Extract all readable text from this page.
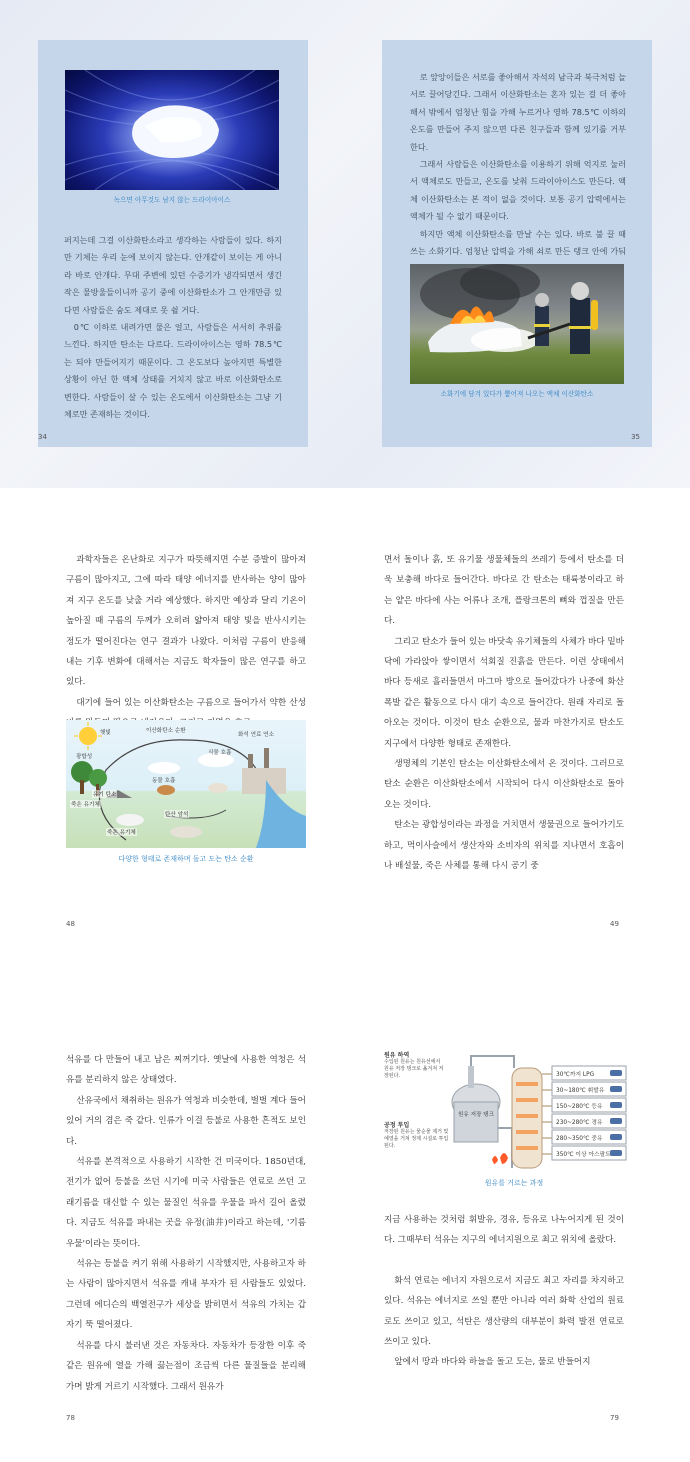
녹으면 아무것도 남지 않는 드라이아이스

퍼지는데 그걸 이산화탄소라고 생각하는 사람들이 있다. 하지만 기체는 우리 눈에 보이지 않는다. 안개같이 보이는 게 아니라 바로 안개다. 무대 주변에 있던 수증기가 냉각되면서 생긴 작은 물방울들이니까 공기 중에 이산화탄소가 그 안개만큼 있다면 사람들은 숨도 제대로 못 쉴 거다.

0℃ 이하로 내려가면 물은 얼고, 사람들은 서서히 추위를 느낀다. 하지만 탄소는 다르다. 드라이아이스는 영하 78.5℃는 되야 만들어지기 때문이다. 그 온도보다 높아지면 특별한 상황이 아닌 한 액체 상태를 거치지 않고 바로 이산화탄소로 변한다. 사람들이 살 수 있는 온도에서 이산화탄소는 그냥 기체로만 존재하는 것이다.

34

로 앞앙이들은 서로를 좋아해서 자석의 남극과 북극처럼 늘 서로 끌어당긴다. 그래서 이산화탄소는 혼자 있는 걸 더 좋아해서 밖에서 엄청난 힘을 가해 누르거나 영하 78.5℃ 이하의 온도를 만들어 주지 않으면 다른 친구들과 함께 있기를 거부한다.

그래서 사람들은 이산화탄소를 이용하기 위해 억지로 눌러서 액체로도 만들고, 온도를 낮춰 드라이아이스도 만든다. 액체 이산화탄소는 본 적이 없을 것이다. 보통 공기 압력에서는 액체가 될 수 없기 때문이다.

하지만 액체 이산화탄소를 만날 수는 있다. 바로 불 끌 때 쓰는 소화기다. 엄청난 압력을 가해 쇠로 만든 탱크 안에 가둬

소화기에 담겨 있다가 뿜어져 나오는 액체 이산화탄소
35

과학자들은 온난화로 지구가 따뜻해지면 수분 증발이 많아져 구름이 많아지고, 그에 따라 태양 에너지를 반사하는 양이 많아져 지구 온도를 낮출 거라 예상했다. 하지만 예상과 달리 기온이 높아질 때 구름의 두께가 오히려 얇아져 태양 빛을 반사시키는 정도가 떨어진다는 연구 결과가 나왔다. 이처럼 구름이 반응해 내는 기후 변화에 대해서는 지금도 학자들이 많은 연구를 하고 있다.

대기에 들어 있는 이산화탄소는 구름으로 들어가서 약한 산성

햇빛	이산화탄소 순환
화석 연료 연소
광합성
식물 호흡
동물 호흡
유기 탄소
죽은 유기체
탄산 암석
죽은 유기체
다양한 형태로 존재하며 돌고 도는 탄소 순환
48

면서 돌이나 흙, 또 유기물 생물체들의 쓰레기 등에서 탄소를 더욱 보충해 바다로 들어간다. 바다로 간 탄소는 태륙붕이라고 하는 얕은 바다에 사는 어류나 조개, 플랑크톤의 뼈와 껍질을 만든다.

그리고 탄소가 들어 있는 바닷속 유기체들의 사체가 바다 밑바닥에 가라앉아 쌓이면서 석회질 진흙을 만든다. 이런 상태에서 바다 등새로 흘러들면서 마그마 방으로 들어갔다가 나중에 화산 폭발 같은 활동으로 다시 대기 속으로 들어간다. 원래 자리로 돌아오는 것이다. 이것이 탄소 순환으로, 물과 마찬가지로 탄소도 지구에서 다양한 형태로 존재한다.

생명체의 기본인 탄소는 이산화탄소에서 온 것이다. 그러므로 탄소 순환은 이산화탄소에서 시작되어 다시 이산화탄소로 돌아오는 것이다.

탄소는 광합성이라는 과정을 거치면서 생물권으로 들어가기도 하고, 먹이사슬에서 생산자와 소비자의 위치를 지나면서 호흡이나 배설물, 죽은 사체를 통해 다시 공기 중

49

석유를 다 만들어 내고 남은 찌꺼기다. 옛날에 사용한 역청은 석유를 분리하지 않은 상태였다.

산유국에서 채취하는 원유가 역청과 비슷한데, 벌벌 계다 들어 있어 거의 겸은 죽 같다. 인류가 이걸 등불로 사용한 흔적도 보인다.

석유를 본격적으로 사용하기 시작한 건 미국이다. 1850년대, 전기가 없어 등불을 쓰던 시기에 미국 사람들은 연료로 쓰던 고래기름을 대신할 수 있는 물질인 석유를 우물을 파서 길어 올렸다. 지금도 석유를 파내는 곳을 유정(油井)이라고 하는데, '기름 우물'이라는 뜻이다.

석유는 등불을 켜기 위해 사용하기 시작했지만, 사용하고자 하는 사람이 많아지면서 석유를 캐내 부자가 된 사람들도 있었다. 그런데 에디슨의 백열전구가 세상을 밝히면서 석유의 가치는 갑자기 뚝 떨어졌다.

석유를 다시 불러낸 것은 자동차다. 자동차가 등장한 이후 죽 같은 원유에 열을 가해 끓는점이 조금씩 다른 물질들을 분리해 가며 밝게 거르기 시작했다. 그래서 원유가

78
원유 하역
수입된 원유는 원유선에서 원유 저장 탱크로 옮겨져 저장된다.
원유 저장 탱크
공정 투입
저장된 원유는 물순물 제거 및 예열을 거쳐 정제 시설로 투입된다.
30℃까지 LPG
30~180℃ 휘발유
150~280℃ 등유
230~280℃ 경유
280~350℃ 중유
350℃ 이상 아스팔트
원유를 거르는 과정

지금 사용하는 것처럼 휘발유, 경유, 등유로 나누어지게 된 것이다. 그때부터 석유는 지구의 에너지원으로 최고 위치에 올랐다.

화석 연료는 에너지 자원으로서 지금도 최고 자리를 차지하고 있다. 석유는 에너지로 쓰일 뿐만 아니라 여러 화학 산업의 원료로도 쓰이고 있고, 석탄은 생산량의 대부분이 화력 발전 연료로 쓰이고 있다.

앞에서 땅과 바다와 하늘을 돌고 도는, 물로 반들어지

79
